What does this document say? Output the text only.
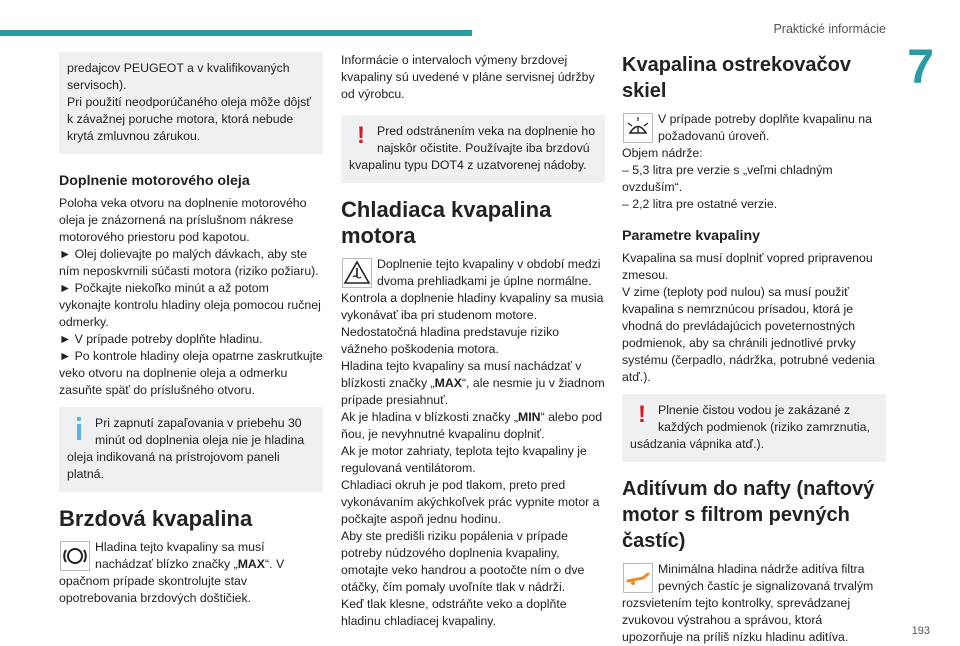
Praktické informácie
7

predajcov PEUGEOT a v kvalifikovaných servisoch).
Pri použití neodporúčaného oleja môže dôjsť k závažnej poruche motora, ktorá nebude krytá zmluvnou zárukou.

Doplnenie motorového oleja

Poloha veka otvoru na doplnenie motorového oleja je znázornená na príslušnom nákrese motorového priestoru pod kapotou.

► Olej dolievajte po malých dávkach, aby ste ním neposkvrnili súčasti motora (riziko požiaru).

► Počkajte niekoľko minút a až potom vykonajte kontrolu hladiny oleja pomocou ručnej odmerky.

► V prípade potreby doplňte hladinu.

► Po kontrole hladiny oleja opatrne zaskrutkujte veko otvoru na doplnenie oleja a odmerku zasuňte späť do príslušného otvoru.

Pri zapnutí zapaľovania v priebehu 30 minút od doplnenia oleja nie je hladina oleja indikovaná na prístrojovom paneli platná.

Brzdová kvapalina

Hladina tejto kvapaliny sa musí nachádzať blízko značky „MAX“. V opačnom prípade skontrolujte stav opotrebovania brzdových doštičiek.

Informácie o intervaloch výmeny brzdovej kvapaliny sú uvedené v pláne servisnej údržby od výrobcu.

! Pred odstránením veka na doplnenie ho najskôr očistite. Používajte iba brzdovú kvapalinu typu DOT4 z uzatvorenej nádoby.

Chladiaca kvapalina motora

Doplnenie tejto kvapaliny v období medzi dvoma prehliadkami je úplne normálne.

Kontrola a doplnenie hladiny kvapaliny sa musia vykonávať iba pri studenom motore.

Nedostatočná hladina predstavuje riziko vážneho poškodenia motora.

Hladina tejto kvapaliny sa musí nachádzať v blízkosti značky „MAX“, ale nesmie ju v žiadnom prípade presiahnuť.

Ak je hladina v blízkosti značky „MIN“ alebo pod ňou, je nevyhnutné kvapalinu doplniť.

Ak je motor zahriaty, teplota tejto kvapaliny je regulovaná ventilátorom.

Chladiaci okruh je pod tlakom, preto pred vykonávaním akýchkoľvek prác vypnite motor a počkajte aspoň jednu hodinu.

Aby ste predišli riziku popálenia v prípade potreby núdzového doplnenia kvapaliny, omotajte veko handrou a pootočte ním o dve otáčky, čím pomaly uvoľníte tlak v nádrži.

Keď tlak klesne, odstráňte veko a doplňte hladinu chladiacej kvapaliny.

Kvapalina ostrekovačov skiel

V prípade potreby doplňte kvapalinu na požadovanú úroveň.

Objem nádrže:

– 5,3 litra pre verzie s „veľmi chladným ovzduším“.

– 2,2 litra pre ostatné verzie.

Parametre kvapaliny

Kvapalina sa musí doplniť vopred pripravenou zmesou.

V zime (teploty pod nulou) sa musí použiť kvapalina s nemrznúcou prísadou, ktorá je vhodná do prevládajúcich poveternostných podmienok, aby sa chránili jednotlivé prvky systému (čerpadlo, nádržka, potrubné vedenia atď.).

! Plnenie čistou vodou je zakázané z každých podmienok (riziko zamrznutia, usádzania vápnika atď.).

Aditívum do nafty (naftový motor s filtrom pevných častíc)

Minimálna hladina nádrže aditíva filtra pevných častíc je signalizovaná trvalým rozsvietením tejto kontrolky, sprevádzanej zvukovou výstrahou a správou, ktorá upozorňuje na príliš nízku hladinu aditíva.	193
